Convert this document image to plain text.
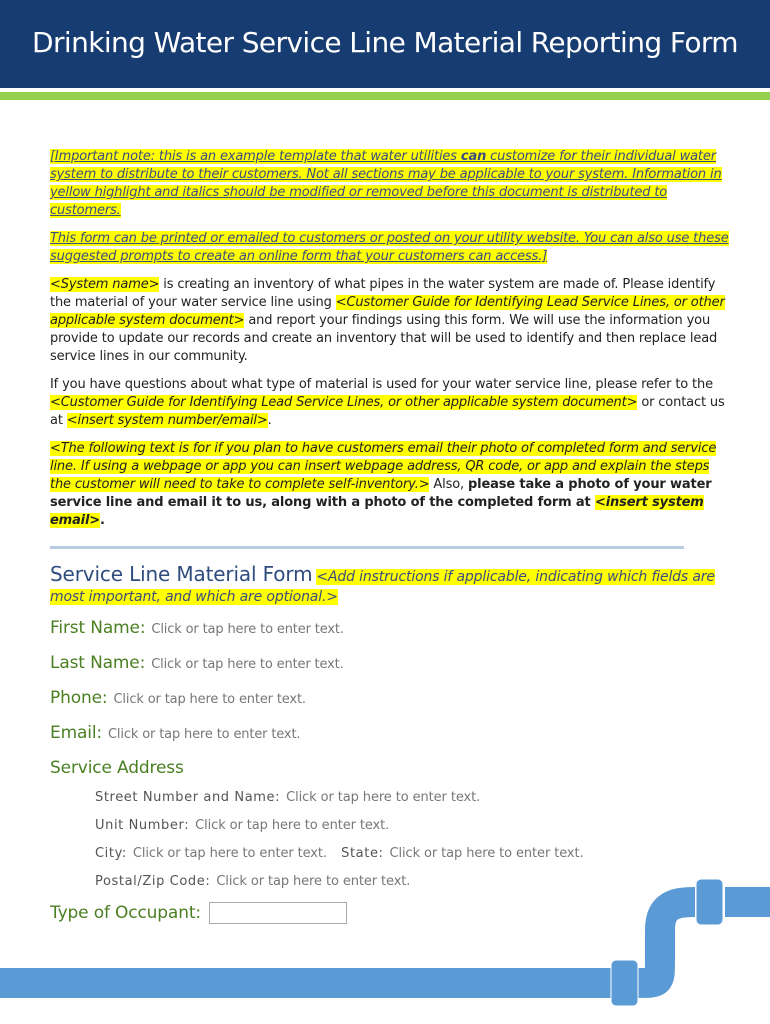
Drinking Water Service Line Material Reporting Form

[Important note: this is an example template that water utilities can customize for their individual water system to distribute to their customers. Not all sections may be applicable to your system. Information in yellow highlight and italics should be modified or removed before this document is distributed to customers.

This form can be printed or emailed to customers or posted on your utility website. You can also use these suggested prompts to create an online form that your customers can access.]

<System name> is creating an inventory of what pipes in the water system are made of. Please identify the material of your water service line using <Customer Guide for Identifying Lead Service Lines, or other applicable system document> and report your findings using this form. We will use the information you provide to update our records and create an inventory that will be used to identify and then replace lead service lines in our community.

If you have questions about what type of material is used for your water service line, please refer to the <Customer Guide for Identifying Lead Service Lines, or other applicable system document> or contact us at <insert system number/email>.

<The following text is for if you plan to have customers email their photo of completed form and service line. If using a webpage or app you can insert webpage address, QR code, or app and explain the steps the customer will need to take to complete self-inventory.> Also, please take a photo of your water service line and email it to us, along with a photo of the completed form at <insert system email>.

Service Line Material Form <Add instructions if applicable, indicating which fields are most important, and which are optional.>
First Name: Click or tap here to enter text.
Last Name: Click or tap here to enter text.
Phone: Click or tap here to enter text.
Email: Click or tap here to enter text.
Service Address
Street Number and Name: Click or tap here to enter text.
Unit Number: Click or tap here to enter text.
City: Click or tap here to enter text. State: Click or tap here to enter text.
Postal/Zip Code: Click or tap here to enter text.
Type of Occupant:
